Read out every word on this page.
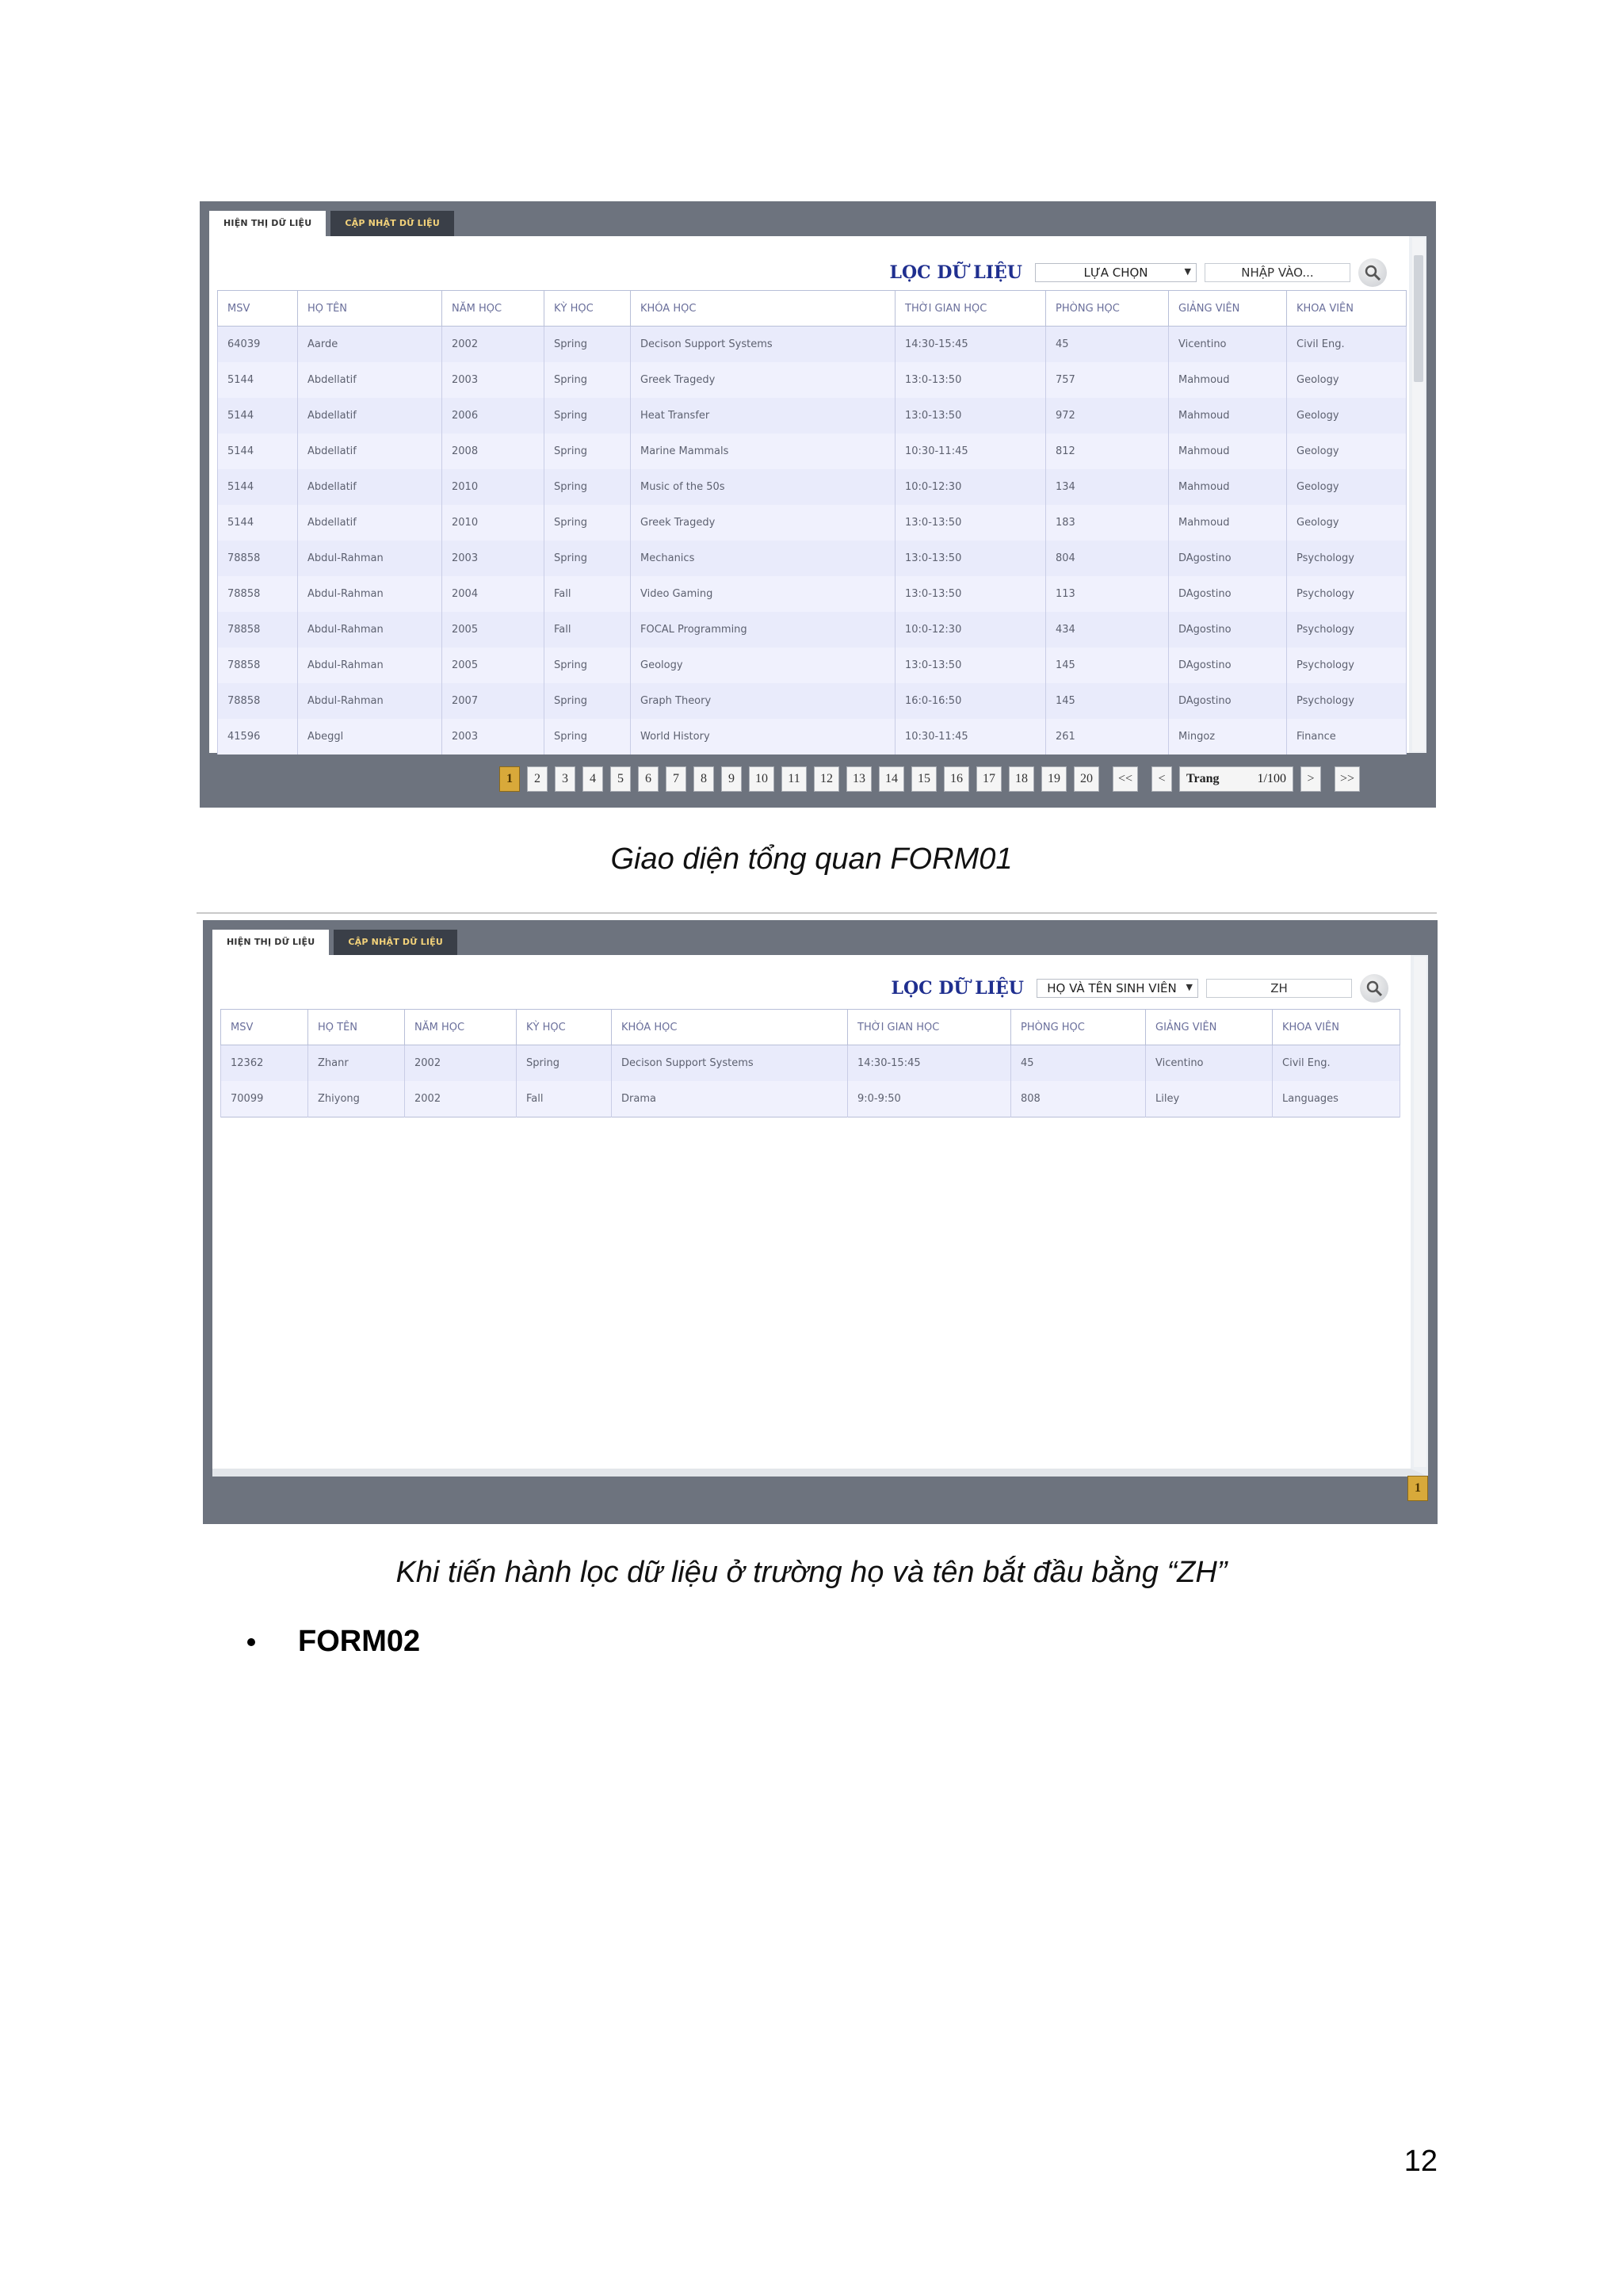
HIỆN THỊ DỮ LIỆU	CẬP NHẬT DỮ LIỆU
LỌC DỮ LIỆU	LỰA CHỌN	▼	NHẬP VÀO...
MSV	HỌ TÊN	NĂM HỌC	KỲ HỌC	KHÓA HỌC	THỜI GIAN HỌC	PHÒNG HỌC	GIẢNG VIÊN	KHOA VIÊN
64039	Aarde	2002	Spring	Decison Support Systems	14:30-15:45	45	Vicentino	Civil Eng.
5144	Abdellatif	2003	Spring	Greek Tragedy	13:0-13:50	757	Mahmoud	Geology
5144	Abdellatif	2006	Spring	Heat Transfer	13:0-13:50	972	Mahmoud	Geology
5144	Abdellatif	2008	Spring	Marine Mammals	10:30-11:45	812	Mahmoud	Geology
5144	Abdellatif	2010	Spring	Music of the 50s	10:0-12:30	134	Mahmoud	Geology
5144	Abdellatif	2010	Spring	Greek Tragedy	13:0-13:50	183	Mahmoud	Geology
78858	Abdul-Rahman	2003	Spring	Mechanics	13:0-13:50	804	DAgostino	Psychology
78858	Abdul-Rahman	2004	Fall	Video Gaming	13:0-13:50	113	DAgostino	Psychology
78858	Abdul-Rahman	2005	Fall	FOCAL Programming	10:0-12:30	434	DAgostino	Psychology
78858	Abdul-Rahman	2005	Spring	Geology	13:0-13:50	145	DAgostino	Psychology
78858	Abdul-Rahman	2007	Spring	Graph Theory	16:0-16:50	145	DAgostino	Psychology
41596	Abeggl	2003	Spring	World History	10:30-11:45	261	Mingoz	Finance
1	2	3	4	5	6	7	8	9	10	11	12	13	14	15	16	17	18	19	20	<<	<	Trang	1/100	>	>>
Giao diện tổng quan FORM01
HIỆN THỊ DỮ LIỆU	CẬP NHẬT DỮ LIỆU
LỌC DỮ LIỆU HỌ VÀ TÊN SINH VIÊN ▼	ZH
MSV	HỌ TÊN	NĂM HỌC	KỲ HỌC	KHÓA HỌC	THỜI GIAN HỌC	PHÒNG HỌC	GIẢNG VIÊN	KHOA VIÊN
12362	Zhanr	2002	Spring	Decison Support Systems	14:30-15:45	45	Vicentino	Civil Eng.
70099	Zhiyong	2002	Fall	Drama	9:0-9:50	808	Liley	Languages
1
Khi tiến hành lọc dữ liệu ở trường họ và tên bắt đầu bằng “ZH”
FORM02
12
